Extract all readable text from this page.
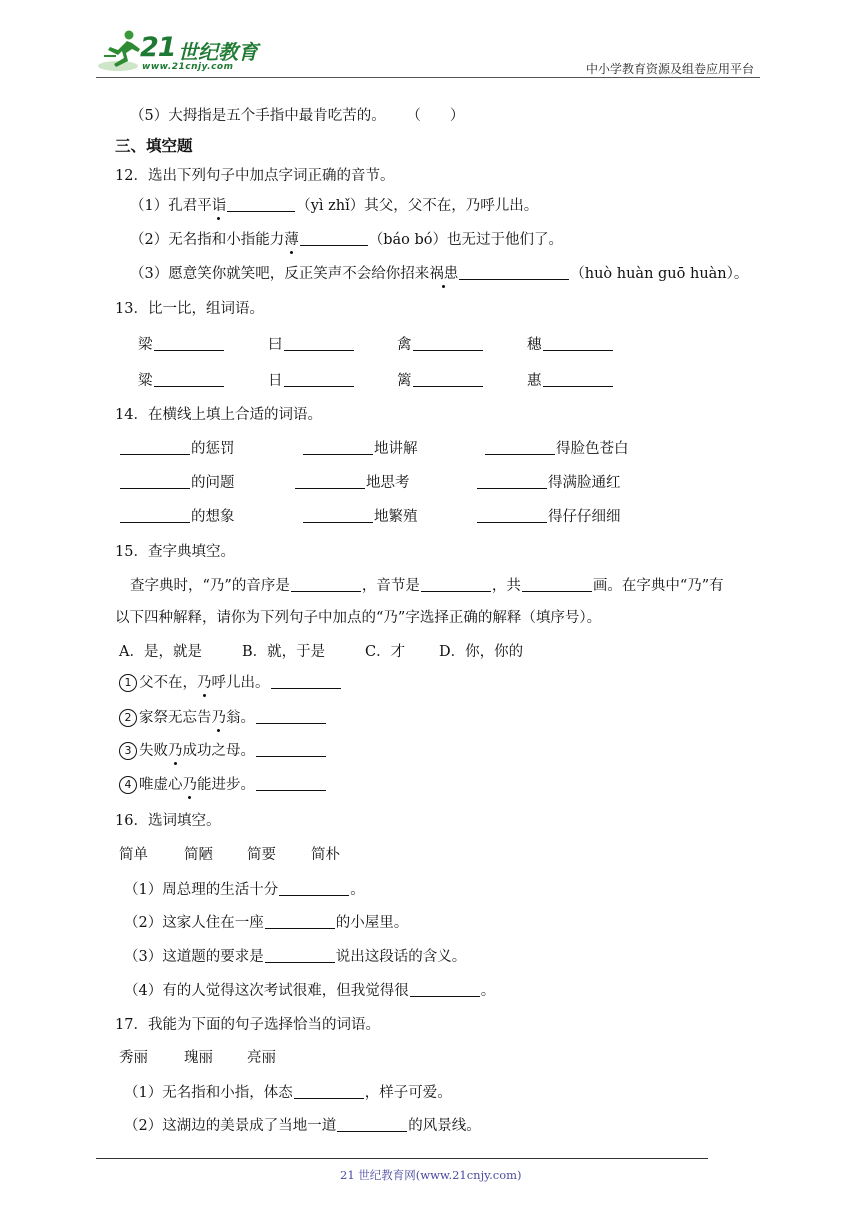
21 世纪教育
www.21cnjy.com	中小学教育资源及组卷应用平台
（5）大拇指是五个手指中最肯吃苦的。 （　　）
三、填空题
12．选出下列句子中加点字词正确的音节。
（1）孔君平诣	（yì zhǐ）其父，父不在，乃呼儿出。
（2）无名指和小指能力薄	（báo bó）也无过于他们了。
（3）愿意笑你就笑吧，反正笑声不会给你招来祸患	（huò huàn guō huàn）。
13．比一比，组词语。
梁	曰	禽	穗
粱	日	篱	惠
14．在横线上填上合适的词语。
的惩罚	地讲解	得脸色苍白
的问题	地思考	得满脸通红
的想象	地繁殖	得仔仔细细
15．查字典填空。
查字典时，“乃”的音序是	，音节是	，共	画。在字典中“乃”有
以下四种解释，请你为下列句子中加点的“乃”字选择正确的解释（填序号）。
A．是，就是	B．就，于是	C．才 D．你，你的
1 父不在，乃呼儿出。
2 家祭无忘告乃翁。
3 失败乃成功之母。
4 唯虚心乃能进步。
16．选词填空。
简单 简陋 简要 简朴
（1）周总理的生活十分	。
（2）这家人住在一座	的小屋里。
（3）这道题的要求是	说出这段话的含义。
（4）有的人觉得这次考试很难，但我觉得很	。
17．我能为下面的句子选择恰当的词语。
秀丽 瑰丽 亮丽
（1）无名指和小指，体态	，样子可爱。
（2）这湖边的美景成了当地一道	的风景线。
21 世纪教育网(www.21cnjy.com)
